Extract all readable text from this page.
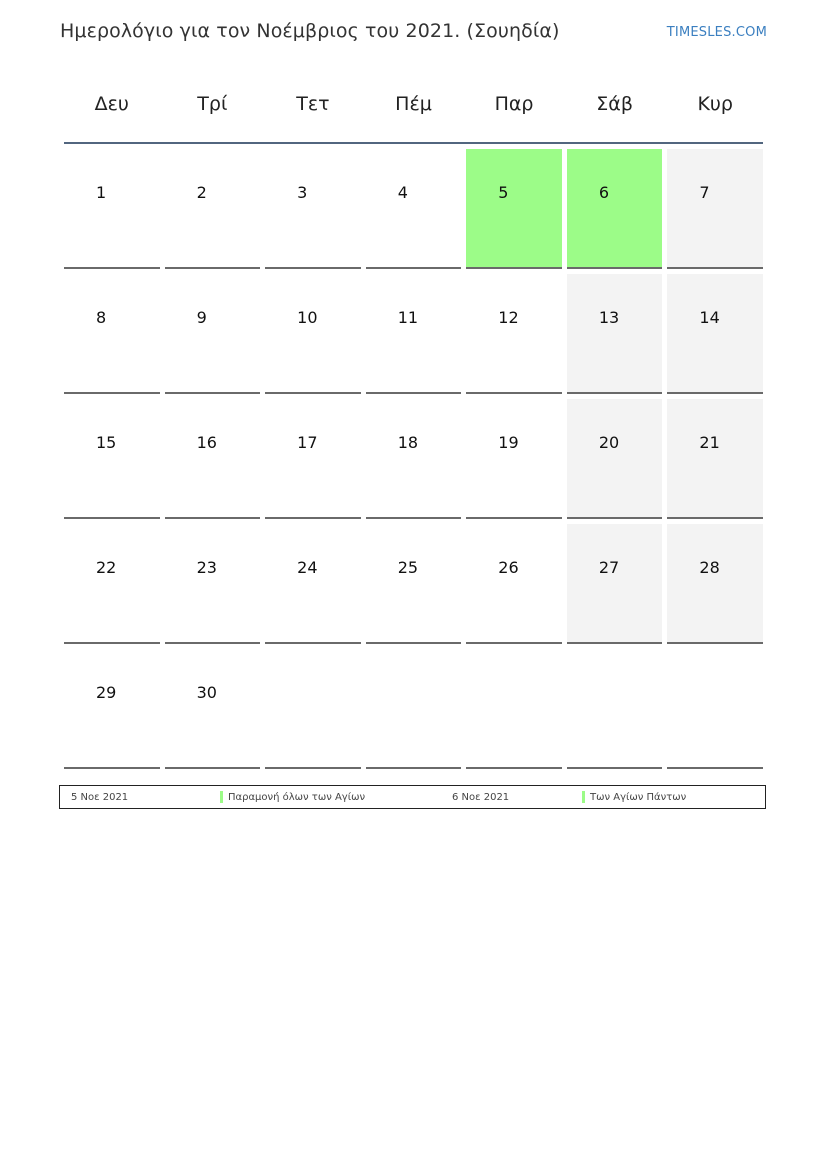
Ημερολόγιο για τον Νοέμβριος του 2021. (Σουηδία)	TIMESLES.COM
Δευ	Τρί	Τετ	Πέμ	Παρ	Σάβ	Κυρ
1	2	3	4	5	6	7
8	9	10	11	12	13	14
15	16	17	18	19	20	21
22	23	24	25	26	27	28
29	30
5 Νοε 2021	Παραμονή όλων των Αγίων	6 Νοε 2021	Των Αγίων Πάντων
